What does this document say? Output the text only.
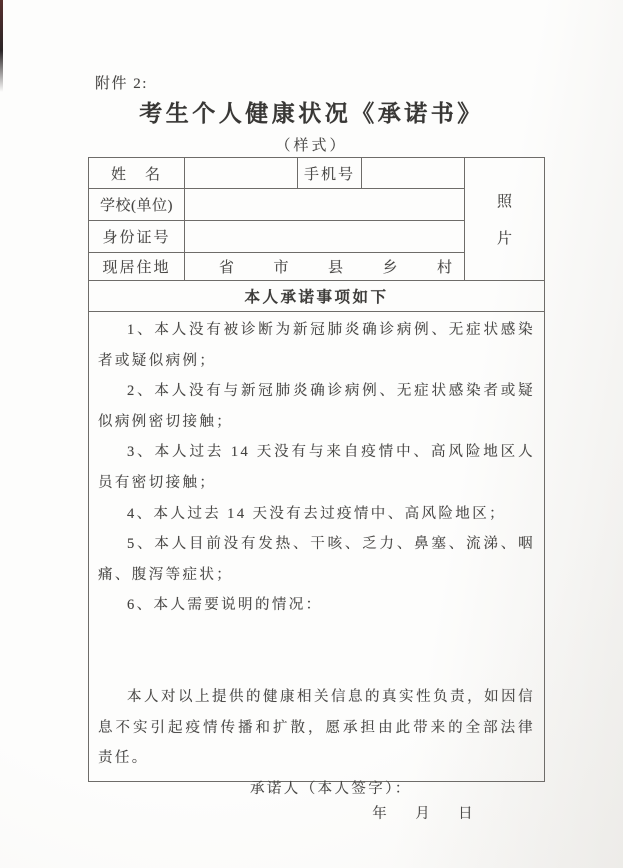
附件 2:
考生个人健康状况《承诺书》
（样式）
姓　名	手机号
照
片
学校(单位)
身份证号
现居住地	省	市	县	乡	村
本人承诺事项如下

1、本人没有被诊断为新冠肺炎确诊病例、无症状感染者或疑似病例；

2、本人没有与新冠肺炎确诊病例、无症状感染者或疑似病例密切接触；

3、本人过去 14 天没有与来自疫情中、高风险地区人员有密切接触；

4、本人过去 14 天没有去过疫情中、高风险地区；

5、本人目前没有发热、干咳、乏力、鼻塞、流涕、咽痛、腹泻等症状；

6、本人需要说明的情况：

本人对以上提供的健康相关信息的真实性负责，如因信息不实引起疫情传播和扩散，愿承担由此带来的全部法律责任。

承诺人（本人签字）：

年 月 日
